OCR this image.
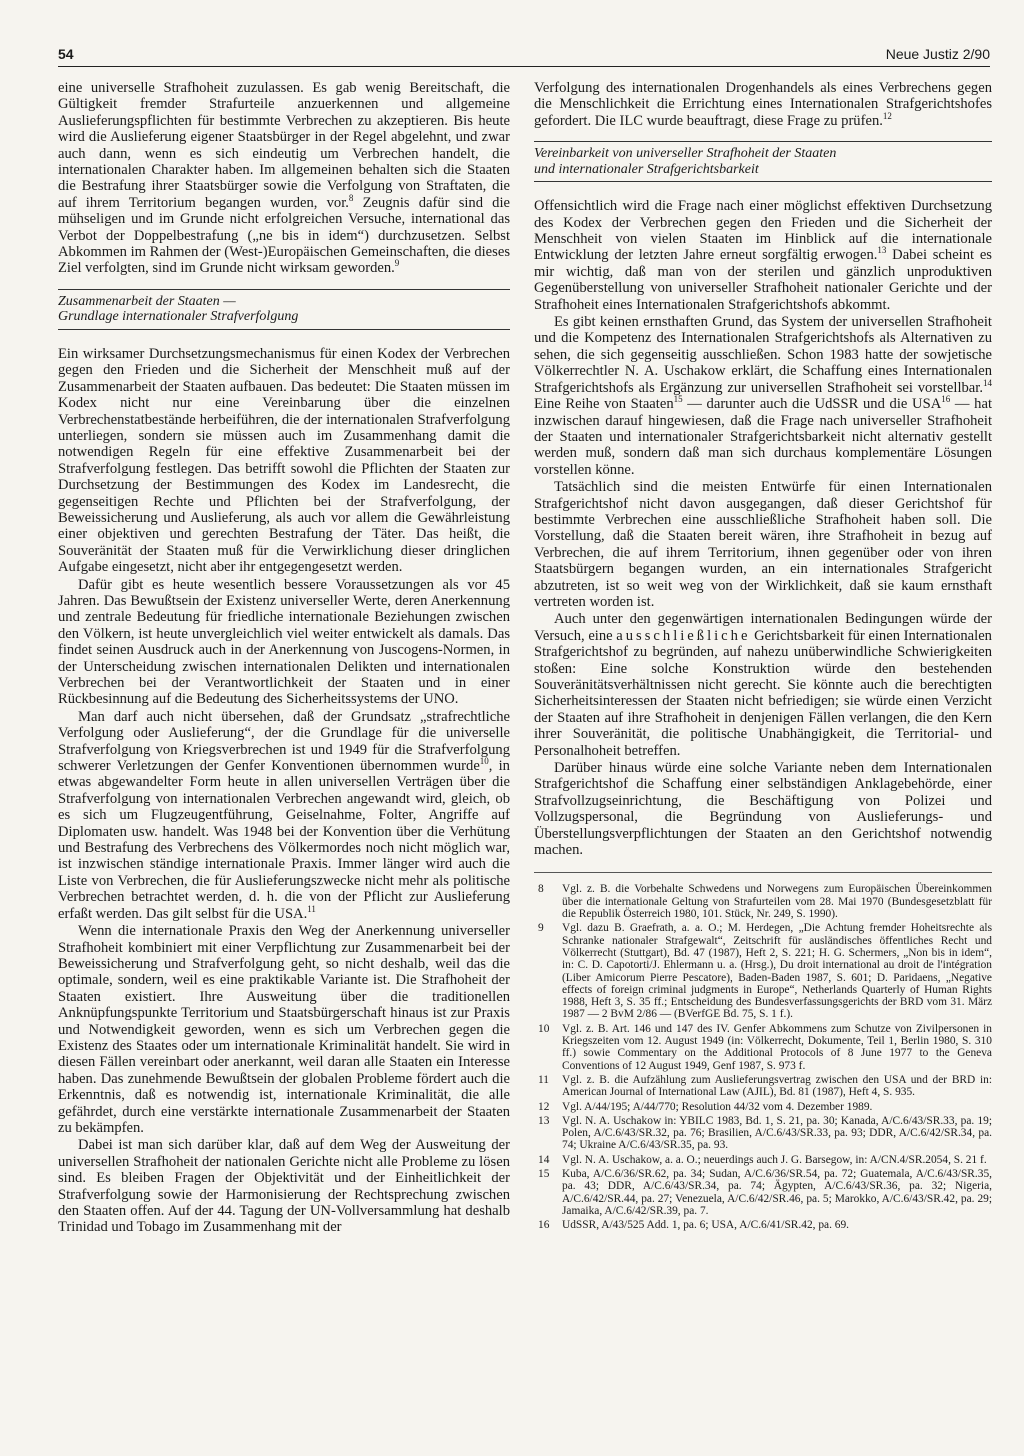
54	Neue Justiz 2/90

eine universelle Strafhoheit zuzulassen. Es gab wenig Bereitschaft, die Gültigkeit fremder Strafurteile anzuerkennen und allgemeine Auslieferungspflichten für bestimmte Verbrechen zu akzeptieren. Bis heute wird die Auslieferung eigener Staatsbürger in der Regel abgelehnt, und zwar auch dann, wenn es sich eindeutig um Verbrechen handelt, die internationalen Charakter haben. Im allgemeinen behalten sich die Staaten die Bestrafung ihrer Staatsbürger sowie die Verfolgung von Straftaten, die auf ihrem Territorium begangen wurden, vor.$^8$ Zeugnis dafür sind die mühseligen und im Grunde nicht erfolgreichen Versuche, international das Verbot der Doppelbestrafung („ne bis in idem“) durchzusetzen. Selbst Abkommen im Rahmen der (West-)Europäischen Gemeinschaften, die dieses Ziel verfolgten, sind im Grunde nicht wirksam geworden.$^9$

Zusammenarbeit der Staaten —
Grundlage internationaler Strafverfolgung

Ein wirksamer Durchsetzungsmechanismus für einen Kodex der Verbrechen gegen den Frieden und die Sicherheit der Menschheit muß auf der Zusammenarbeit der Staaten aufbauen. Das bedeutet: Die Staaten müssen im Kodex nicht nur eine Vereinbarung über die einzelnen Verbrechenstatbestände herbeiführen, die der internationalen Strafverfolgung unterliegen, sondern sie müssen auch im Zusammenhang damit die notwendigen Regeln für eine effektive Zusammenarbeit bei der Strafverfolgung festlegen. Das betrifft sowohl die Pflichten der Staaten zur Durchsetzung der Bestimmungen des Kodex im Landesrecht, die gegenseitigen Rechte und Pflichten bei der Strafverfolgung, der Beweissicherung und Auslieferung, als auch vor allem die Gewährleistung einer objektiven und gerechten Bestrafung der Täter. Das heißt, die Souveränität der Staaten muß für die Verwirklichung dieser dringlichen Aufgabe eingesetzt, nicht aber ihr entgegengesetzt werden.

Dafür gibt es heute wesentlich bessere Voraussetzungen als vor 45 Jahren. Das Bewußtsein der Existenz universeller Werte, deren Anerkennung und zentrale Bedeutung für friedliche internationale Beziehungen zwischen den Völkern, ist heute unvergleichlich viel weiter entwickelt als damals. Das findet seinen Ausdruck auch in der Anerkennung von Juscogens-Normen, in der Unterscheidung zwischen internationalen Delikten und internationalen Verbrechen bei der Verantwortlichkeit der Staaten und in einer Rückbesinnung auf die Bedeutung des Sicherheitssystems der UNO.

Man darf auch nicht übersehen, daß der Grundsatz „strafrechtliche Verfolgung oder Auslieferung“, der die Grundlage für die universelle Strafverfolgung von Kriegsverbrechen ist und 1949 für die Strafverfolgung schwerer Verletzungen der Genfer Konventionen übernommen wurde$^{10}$, in etwas abgewandelter Form heute in allen universellen Verträgen über die Strafverfolgung von internationalen Verbrechen angewandt wird, gleich, ob es sich um Flugzeugentführung, Geiselnahme, Folter, Angriffe auf Diplomaten usw. handelt. Was 1948 bei der Konvention über die Verhütung und Bestrafung des Verbrechens des Völkermordes noch nicht möglich war, ist inzwischen ständige internationale Praxis. Immer länger wird auch die Liste von Verbrechen, die für Auslieferungszwecke nicht mehr als politische Verbrechen betrachtet werden, d. h. die von der Pflicht zur Auslieferung erfaßt werden. Das gilt selbst für die USA.$^{11}$

Wenn die internationale Praxis den Weg der Anerkennung universeller Strafhoheit kombiniert mit einer Verpflichtung zur Zusammenarbeit bei der Beweissicherung und Strafverfolgung geht, so nicht deshalb, weil das die optimale, sondern, weil es eine praktikable Variante ist. Die Strafhoheit der Staaten existiert. Ihre Ausweitung über die traditionellen Anknüpfungspunkte Territorium und Staatsbürgerschaft hinaus ist zur Praxis und Notwendigkeit geworden, wenn es sich um Verbrechen gegen die Existenz des Staates oder um internationale Kriminalität handelt. Sie wird in diesen Fällen vereinbart oder anerkannt, weil daran alle Staaten ein Interesse haben. Das zunehmende Bewußtsein der globalen Probleme fördert auch die Erkenntnis, daß es notwendig ist, internationale Kriminalität, die alle gefährdet, durch eine verstärkte internationale Zusammenarbeit der Staaten zu bekämpfen.

Dabei ist man sich darüber klar, daß auf dem Weg der Ausweitung der universellen Strafhoheit der nationalen Gerichte nicht alle Probleme zu lösen sind. Es bleiben Fragen der Objektivität und der Einheitlichkeit der Strafverfolgung sowie der Harmonisierung der Rechtsprechung zwischen den Staaten offen. Auf der 44. Tagung der UN-Vollversammlung hat deshalb Trinidad und Tobago im Zusammenhang mit der

Verfolgung des internationalen Drogenhandels als eines Verbrechens gegen die Menschlichkeit die Errichtung eines Internationalen Strafgerichtshofes gefordert. Die ILC wurde beauftragt, diese Frage zu prüfen.$^{12}$

Vereinbarkeit von universeller Strafhoheit der Staaten
und internationaler Strafgerichtsbarkeit

Offensichtlich wird die Frage nach einer möglichst effektiven Durchsetzung des Kodex der Verbrechen gegen den Frieden und die Sicherheit der Menschheit von vielen Staaten im Hinblick auf die internationale Entwicklung der letzten Jahre erneut sorgfältig erwogen.$^{13}$ Dabei scheint es mir wichtig, daß man von der sterilen und gänzlich unproduktiven Gegenüberstellung von universeller Strafhoheit nationaler Gerichte und der Strafhoheit eines Internationalen Strafgerichtshofs abkommt.

Es gibt keinen ernsthaften Grund, das System der universellen Strafhoheit und die Kompetenz des Internationalen Strafgerichtshofs als Alternativen zu sehen, die sich gegenseitig ausschließen. Schon 1983 hatte der sowjetische Völkerrechtler N. A. Uschakow erklärt, die Schaffung eines Internationalen Strafgerichtshofs als Ergänzung zur universellen Strafhoheit sei vorstellbar.$^{14}$ Eine Reihe von Staaten$^{15}$ — darunter auch die UdSSR und die USA$^{16}$ — hat inzwischen darauf hingewiesen, daß die Frage nach universeller Strafhoheit der Staaten und internationaler Strafgerichtsbarkeit nicht alternativ gestellt werden muß, sondern daß man sich durchaus komplementäre Lösungen vorstellen könne.

Tatsächlich sind die meisten Entwürfe für einen Internationalen Strafgerichtshof nicht davon ausgegangen, daß dieser Gerichtshof für bestimmte Verbrechen eine ausschließliche Strafhoheit haben soll. Die Vorstellung, daß die Staaten bereit wären, ihre Strafhoheit in bezug auf Verbrechen, die auf ihrem Territorium, ihnen gegenüber oder von ihren Staatsbürgern begangen wurden, an ein internationales Strafgericht abzutreten, ist so weit weg von der Wirklichkeit, daß sie kaum ernsthaft vertreten worden ist.

Auch unter den gegenwärtigen internationalen Bedingungen würde der Versuch, eine ausschließliche Gerichtsbarkeit für einen Internationalen Strafgerichtshof zu begründen, auf nahezu unüberwindliche Schwierigkeiten stoßen: Eine solche Konstruktion würde den bestehenden Souveränitätsverhältnissen nicht gerecht. Sie könnte auch die berechtigten Sicherheitsinteressen der Staaten nicht befriedigen; sie würde einen Verzicht der Staaten auf ihre Strafhoheit in denjenigen Fällen verlangen, die den Kern ihrer Souveränität, die politische Unabhängigkeit, die Territorial- und Personalhoheit betreffen.

Darüber hinaus würde eine solche Variante neben dem Internationalen Strafgerichtshof die Schaffung einer selbständigen Anklagebehörde, einer Strafvollzugseinrichtung, die Beschäftigung von Polizei und Vollzugspersonal, die Begründung von Auslieferungs- und Überstellungsverpflichtungen der Staaten an den Gerichtshof notwendig machen.

8	Vgl. z. B. die Vorbehalte Schwedens und Norwegens zum Europäischen Übereinkommen über die internationale Geltung von Strafurteilen vom 28. Mai 1970 (Bundesgesetzblatt für die Republik Österreich 1980, 101. Stück, Nr. 249, S. 1990).
9	Vgl. dazu B. Graefrath, a. a. O.; M. Herdegen, „Die Achtung fremder Hoheitsrechte als Schranke nationaler Strafgewalt“, Zeitschrift für ausländisches öffentliches Recht und Völkerrecht (Stuttgart), Bd. 47 (1987), Heft 2, S. 221; H. G. Schermers, „Non bis in idem“, in: C. D. Capotorti/J. Ehlermann u. a. (Hrsg.), Du droit international au droit de l'intégration (Liber Amicorum Pierre Pescatore), Baden-Baden 1987, S. 601; D. Paridaens, „Negative effects of foreign criminal judgments in Europe“, Netherlands Quarterly of Human Rights 1988, Heft 3, S. 35 ff.; Entscheidung des Bundesverfassungsgerichts der BRD vom 31. März 1987 — 2 BvM 2/86 — (BVerfGE Bd. 75, S. 1 f.).
10	Vgl. z. B. Art. 146 und 147 des IV. Genfer Abkommens zum Schutze von Zivilpersonen in Kriegszeiten vom 12. August 1949 (in: Völkerrecht, Dokumente, Teil 1, Berlin 1980, S. 310 ff.) sowie Commentary on the Additional Protocols of 8 June 1977 to the Geneva Conventions of 12 August 1949, Genf 1987, S. 973 f.
11	Vgl. z. B. die Aufzählung zum Auslieferungsvertrag zwischen den USA und der BRD in: American Journal of International Law (AJIL), Bd. 81 (1987), Heft 4, S. 935.
12	Vgl. A/44/195; A/44/770; Resolution 44/32 vom 4. Dezember 1989.
13	Vgl. N. A. Uschakow in: YBILC 1983, Bd. 1, S. 21, pa. 30; Kanada, A/C.6/43/SR.33, pa. 19; Polen, A/C.6/43/SR.32, pa. 76; Brasilien, A/C.6/43/SR.33, pa. 93; DDR, A/C.6/42/SR.34, pa. 74; Ukraine A/C.6/43/SR.35, pa. 93.
14	Vgl. N. A. Uschakow, a. a. O.; neuerdings auch J. G. Barsegow, in: A/CN.4/SR.2054, S. 21 f.
15	Kuba, A/C.6/36/SR.62, pa. 34; Sudan, A/C.6/36/SR.54, pa. 72; Guatemala, A/C.6/43/SR.35, pa. 43; DDR, A/C.6/43/SR.34, pa. 74; Ägypten, A/C.6/43/SR.36, pa. 32; Nigeria, A/C.6/42/SR.44, pa. 27; Venezuela, A/C.6/42/SR.46, pa. 5; Marokko, A/C.6/43/SR.42, pa. 29; Jamaika, A/C.6/42/SR.39, pa. 7.
16	UdSSR, A/43/525 Add. 1, pa. 6; USA, A/C.6/41/SR.42, pa. 69.
